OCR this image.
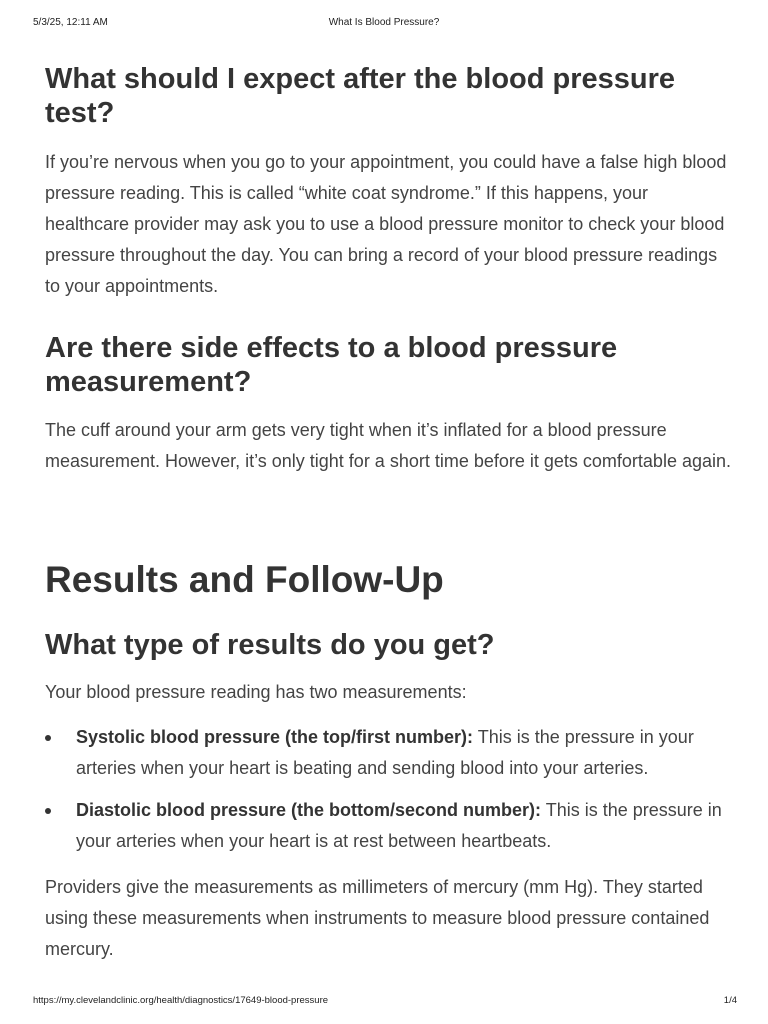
5/3/25, 12:11 AM	What Is Blood Pressure?
What should I expect after the blood pressure test?

If you’re nervous when you go to your appointment, you could have a false high blood pressure reading. This is called “white coat syndrome.” If this happens, your healthcare provider may ask you to use a blood pressure monitor to check your blood pressure throughout the day. You can bring a record of your blood pressure readings to your appointments.

Are there side effects to a blood pressure measurement?

The cuff around your arm gets very tight when it’s inflated for a blood pressure measurement. However, it’s only tight for a short time before it gets comfortable again.

Results and Follow-Up
What type of results do you get?

Your blood pressure reading has two measurements:

Systolic blood pressure (the top/first number): This is the pressure in your arteries when your heart is beating and sending blood into your arteries.
Diastolic blood pressure (the bottom/second number): This is the pressure in your arteries when your heart is at rest between heartbeats.

Providers give the measurements as millimeters of mercury (mm Hg). They started using these measurements when instruments to measure blood pressure contained mercury.

https://my.clevelandclinic.org/health/diagnostics/17649-blood-pressure	1/4
